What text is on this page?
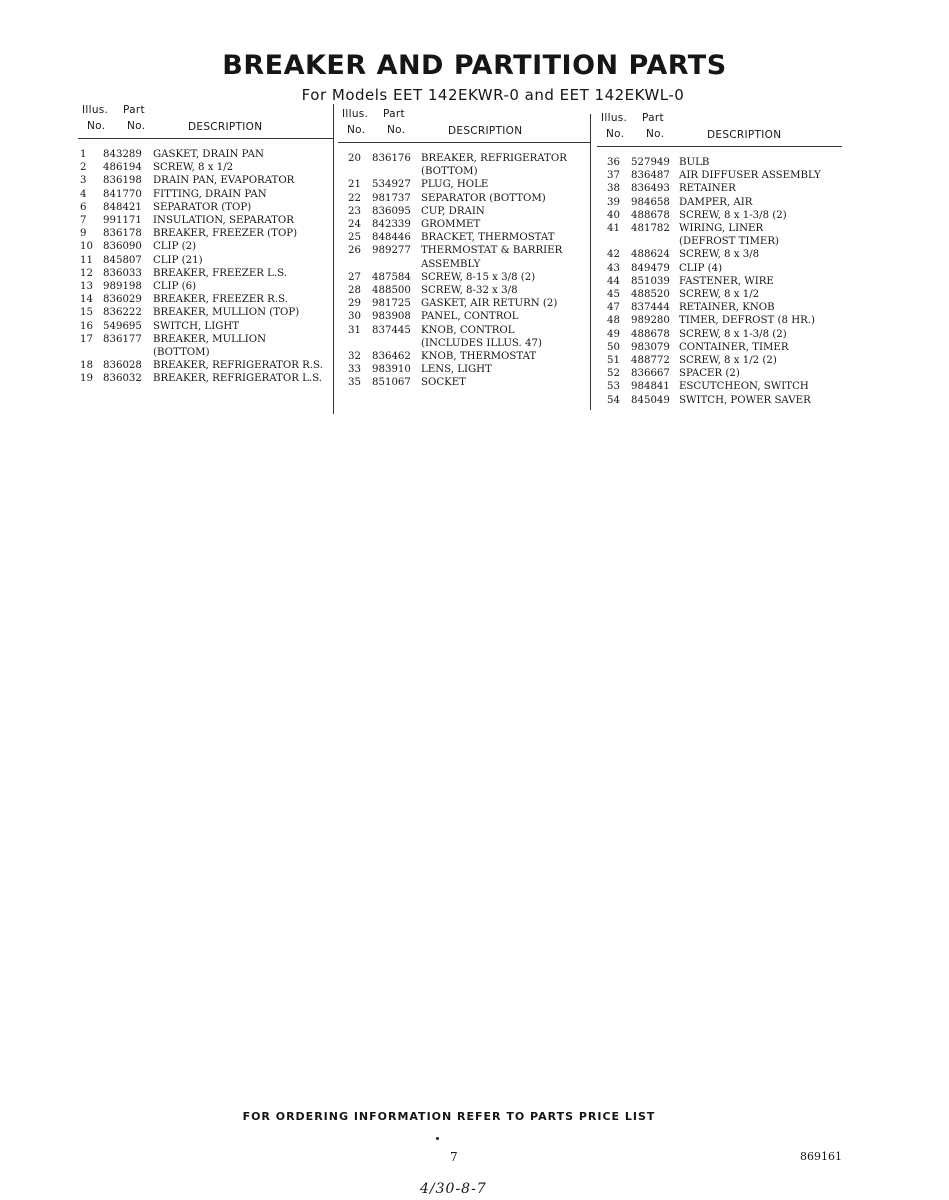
BREAKER AND PARTITION PARTS
For Models EET 142EKWR-0 and EET 142EKWL-0
Illus. Part
No. No.	DESCRIPTION
1	843289 GASKET, DRAIN PAN
2	486194 SCREW, 8 x 1/2
3	836198 DRAIN PAN, EVAPORATOR
4	841770 FITTING, DRAIN PAN
6	848421 SEPARATOR (TOP)
7	991171 INSULATION, SEPARATOR
9	836178 BREAKER, FREEZER (TOP)
10 836090 CLIP (2)
11 845807 CLIP (21)
12 836033 BREAKER, FREEZER L.S.
13 989198 CLIP (6)
14 836029 BREAKER, FREEZER R.S.
15 836222 BREAKER, MULLION (TOP)
16 549695 SWITCH, LIGHT
17 836177 BREAKER, MULLION
(BOTTOM)
18 836028 BREAKER, REFRIGERATOR R.S.
19 836032 BREAKER, REFRIGERATOR L.S.
Illus. Part
No. No.	DESCRIPTION
20	836176 BREAKER, REFRIGERATOR
(BOTTOM)
21	534927 PLUG, HOLE
22	981737 SEPARATOR (BOTTOM)
23	836095 CUP, DRAIN
24	842339 GROMMET
25	848446 BRACKET, THERMOSTAT
26	989277 THERMOSTAT & BARRIER
ASSEMBLY
27	487584 SCREW, 8-15 x 3/8 (2)
28	488500 SCREW, 8-32 x 3/8
29	981725 GASKET, AIR RETURN (2)
30	983908 PANEL, CONTROL
31	837445 KNOB, CONTROL
(INCLUDES ILLUS. 47)
32	836462 KNOB, THERMOSTAT
33	983910 LENS, LIGHT
35	851067 SOCKET
Illus. Part
No. No.	DESCRIPTION
36	527949 BULB
37	836487 AIR DIFFUSER ASSEMBLY
38	836493 RETAINER
39	984658 DAMPER, AIR
40	488678 SCREW, 8 x 1-3/8 (2)
41	481782 WIRING, LINER
(DEFROST TIMER)
42	488624 SCREW, 8 x 3/8
43	849479 CLIP (4)
44	851039 FASTENER, WIRE
45	488520 SCREW, 8 x 1/2
47	837444 RETAINER, KNOB
48	989280 TIMER, DEFROST (8 HR.)
49	488678 SCREW, 8 x 1-3/8 (2)
50	983079 CONTAINER, TIMER
51	488772 SCREW, 8 x 1/2 (2)
52	836667 SPACER (2)
53	984841 ESCUTCHEON, SWITCH
54	845049 SWITCH, POWER SAVER
FOR ORDERING INFORMATION REFER TO PARTS PRICE LIST
7	869161
4/30-8-7
